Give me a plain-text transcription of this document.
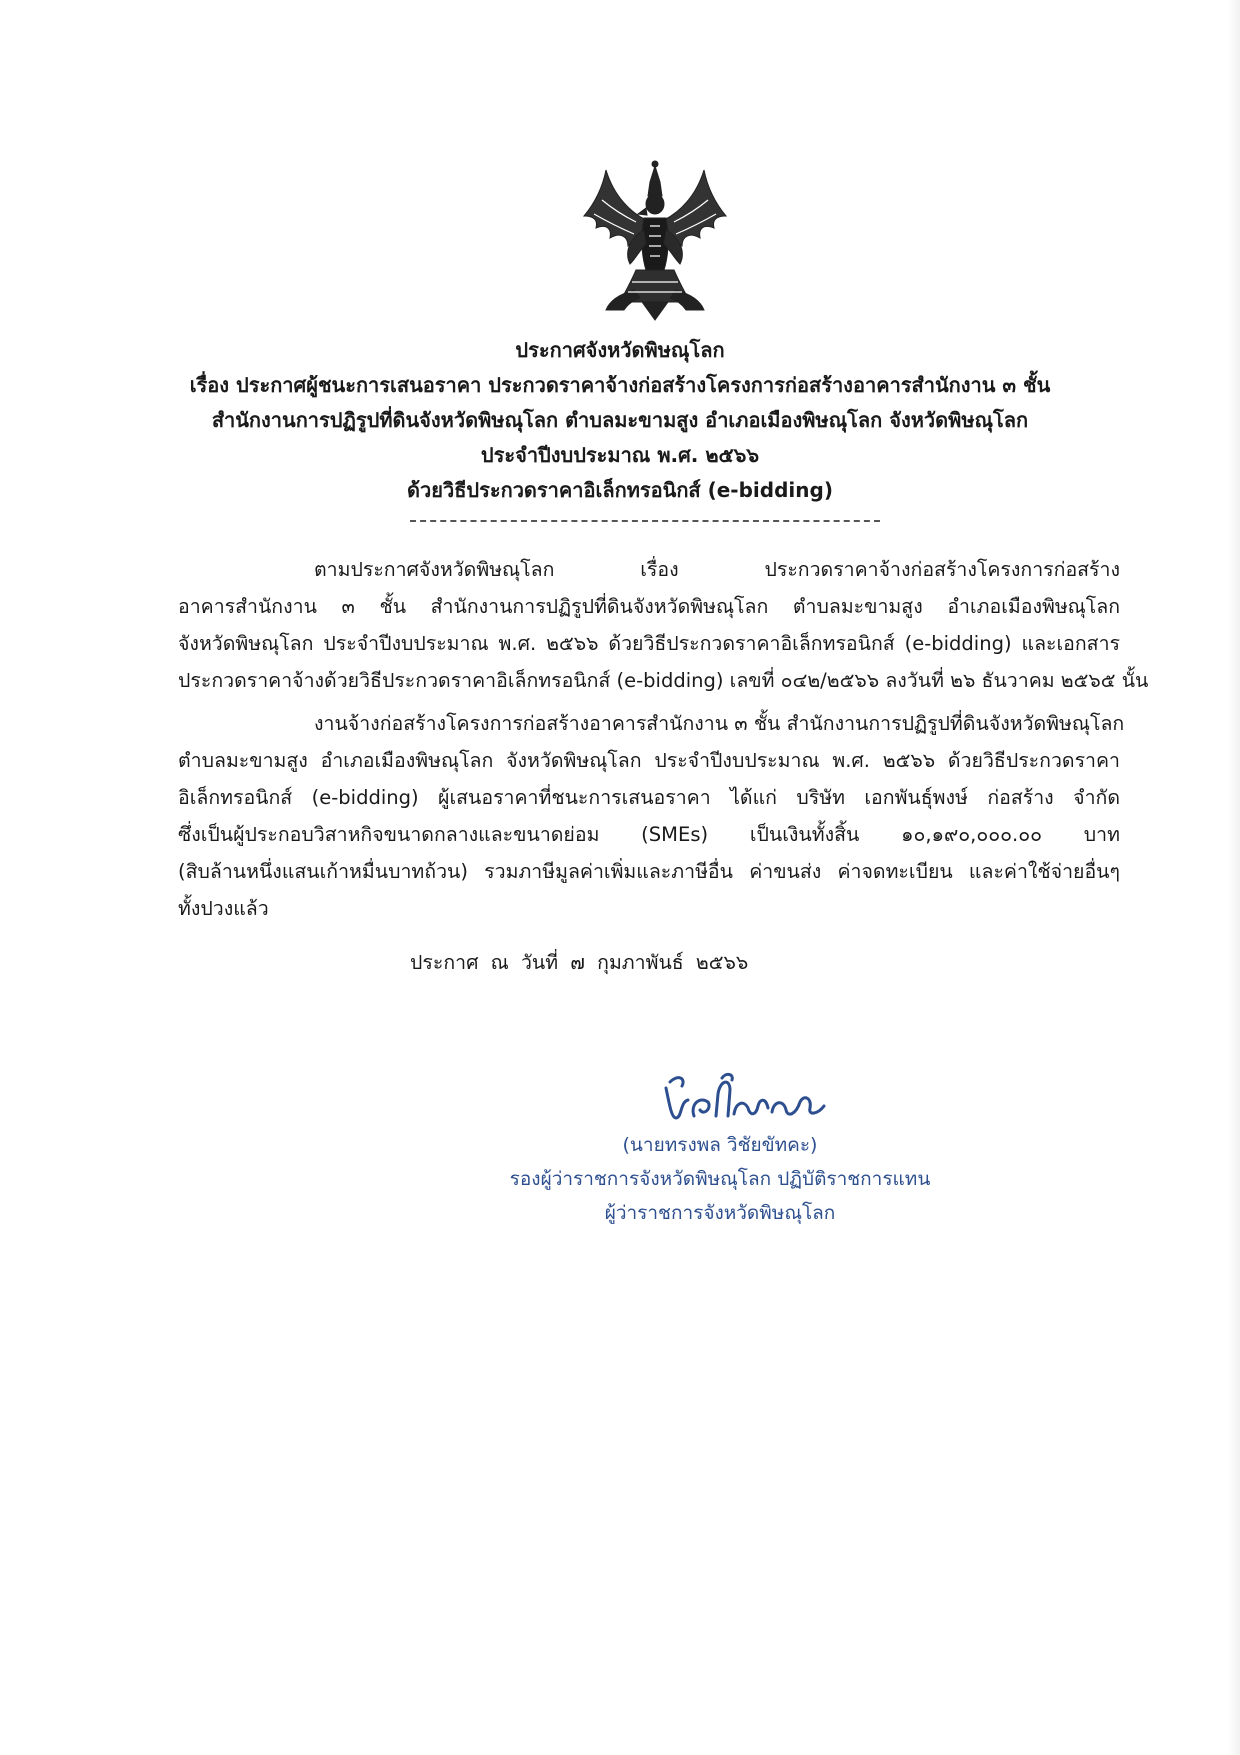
ประกาศจังหวัดพิษณุโลก
เรื่อง ประกาศผู้ชนะการเสนอราคา ประกวดราคาจ้างก่อสร้างโครงการก่อสร้างอาคารสำนักงาน ๓ ชั้น
สำนักงานการปฏิรูปที่ดินจังหวัดพิษณุโลก ตำบลมะขามสูง อำเภอเมืองพิษณุโลก จังหวัดพิษณุโลก
ประจำปีงบประมาณ พ.ศ. ๒๕๖๖
ด้วยวิธีประกวดราคาอิเล็กทรอนิกส์ (e-bidding)
ตามประกาศจังหวัดพิษณุโลก เรื่อง ประกวดราคาจ้างก่อสร้างโครงการก่อสร้าง
อาคารสำนักงาน ๓ ชั้น สำนักงานการปฏิรูปที่ดินจังหวัดพิษณุโลก ตำบลมะขามสูง อำเภอเมืองพิษณุโลก
จังหวัดพิษณุโลก ประจำปีงบประมาณ พ.ศ. ๒๕๖๖ ด้วยวิธีประกวดราคาอิเล็กทรอนิกส์ (e-bidding) และเอกสาร
ประกวดราคาจ้างด้วยวิธีประกวดราคาอิเล็กทรอนิกส์ (e-bidding) เลขที่ ๐๔๒/๒๕๖๖ ลงวันที่ ๒๖ ธันวาคม ๒๕๖๕ นั้น
งานจ้างก่อสร้างโครงการก่อสร้างอาคารสำนักงาน ๓ ชั้น สำนักงานการปฏิรูปที่ดินจังหวัดพิษณุโลก
ตำบลมะขามสูง อำเภอเมืองพิษณุโลก จังหวัดพิษณุโลก ประจำปีงบประมาณ พ.ศ. ๒๕๖๖ ด้วยวิธีประกวดราคา
อิเล็กทรอนิกส์ (e-bidding) ผู้เสนอราคาที่ชนะการเสนอราคา ได้แก่ บริษัท เอกพันธุ์พงษ์ ก่อสร้าง จำกัด
ซึ่งเป็นผู้ประกอบวิสาหกิจขนาดกลางและขนาดย่อม (SMEs) เป็นเงินทั้งสิ้น ๑๐,๑๙๐,๐๐๐.๐๐ บาท
(สิบล้านหนึ่งแสนเก้าหมื่นบาทถ้วน) รวมภาษีมูลค่าเพิ่มและภาษีอื่น ค่าขนส่ง ค่าจดทะเบียน และค่าใช้จ่ายอื่นๆ
ทั้งปวงแล้ว
ประกาศ ณ วันที่ ๗ กุมภาพันธ์ ๒๕๖๖
(นายทรงพล วิชัยขัทคะ)
รองผู้ว่าราชการจังหวัดพิษณุโลก ปฏิบัติราชการแทน
ผู้ว่าราชการจังหวัดพิษณุโลก
